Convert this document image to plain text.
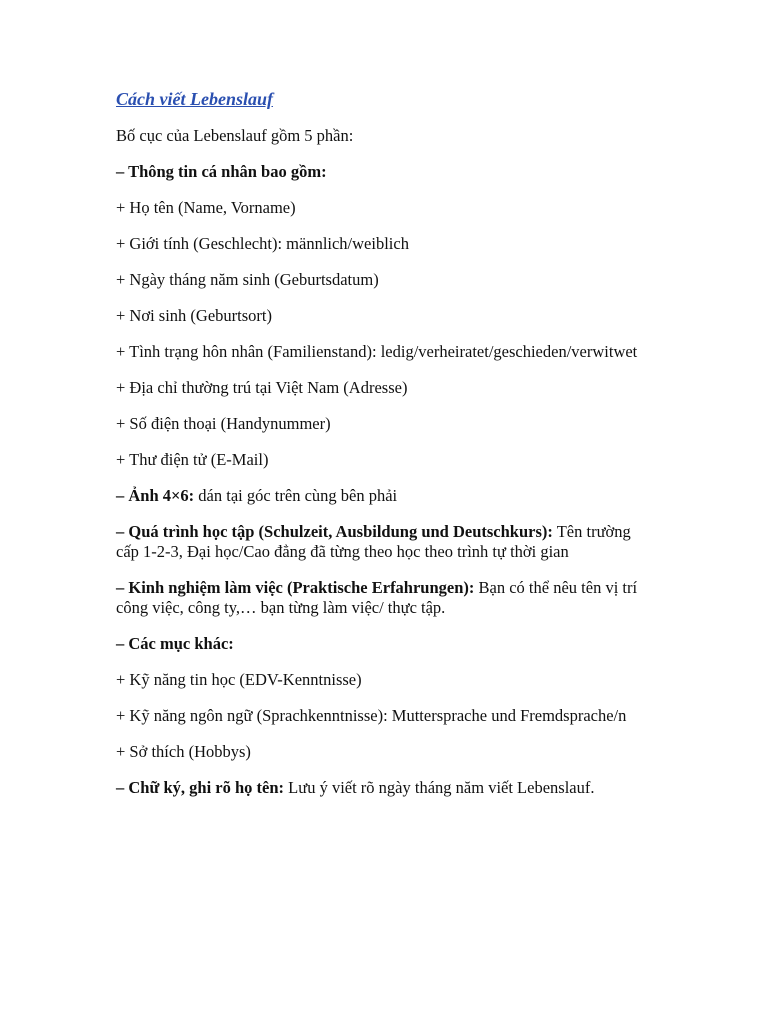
Cách viết Lebenslauf
Bố cục của Lebenslauf gồm 5 phần:
– Thông tin cá nhân bao gồm:
+ Họ tên (Name, Vorname)
+ Giới tính (Geschlecht): männlich/weiblich
+ Ngày tháng năm sinh (Geburtsdatum)
+ Nơi sinh (Geburtsort)
+ Tình trạng hôn nhân (Familienstand): ledig/verheiratet/geschieden/verwitwet
+ Địa chỉ thường trú tại Việt Nam (Adresse)
+ Số điện thoại (Handynummer)
+ Thư điện tử (E-Mail)
– Ảnh 4×6: dán tại góc trên cùng bên phải
– Quá trình học tập (Schulzeit, Ausbildung und Deutschkurs): Tên trường cấp 1-2-3, Đại học/Cao đẳng đã từng theo học theo trình tự thời gian
– Kinh nghiệm làm việc (Praktische Erfahrungen): Bạn có thể nêu tên vị trí công việc, công ty,… bạn từng làm việc/ thực tập.
– Các mục khác:
+ Kỹ năng tin học (EDV-Kenntnisse)
+ Kỹ năng ngôn ngữ (Sprachkenntnisse): Muttersprache und Fremdsprache/n
+ Sở thích (Hobbys)
– Chữ ký, ghi rõ họ tên: Lưu ý viết rõ ngày tháng năm viết Lebenslauf.
